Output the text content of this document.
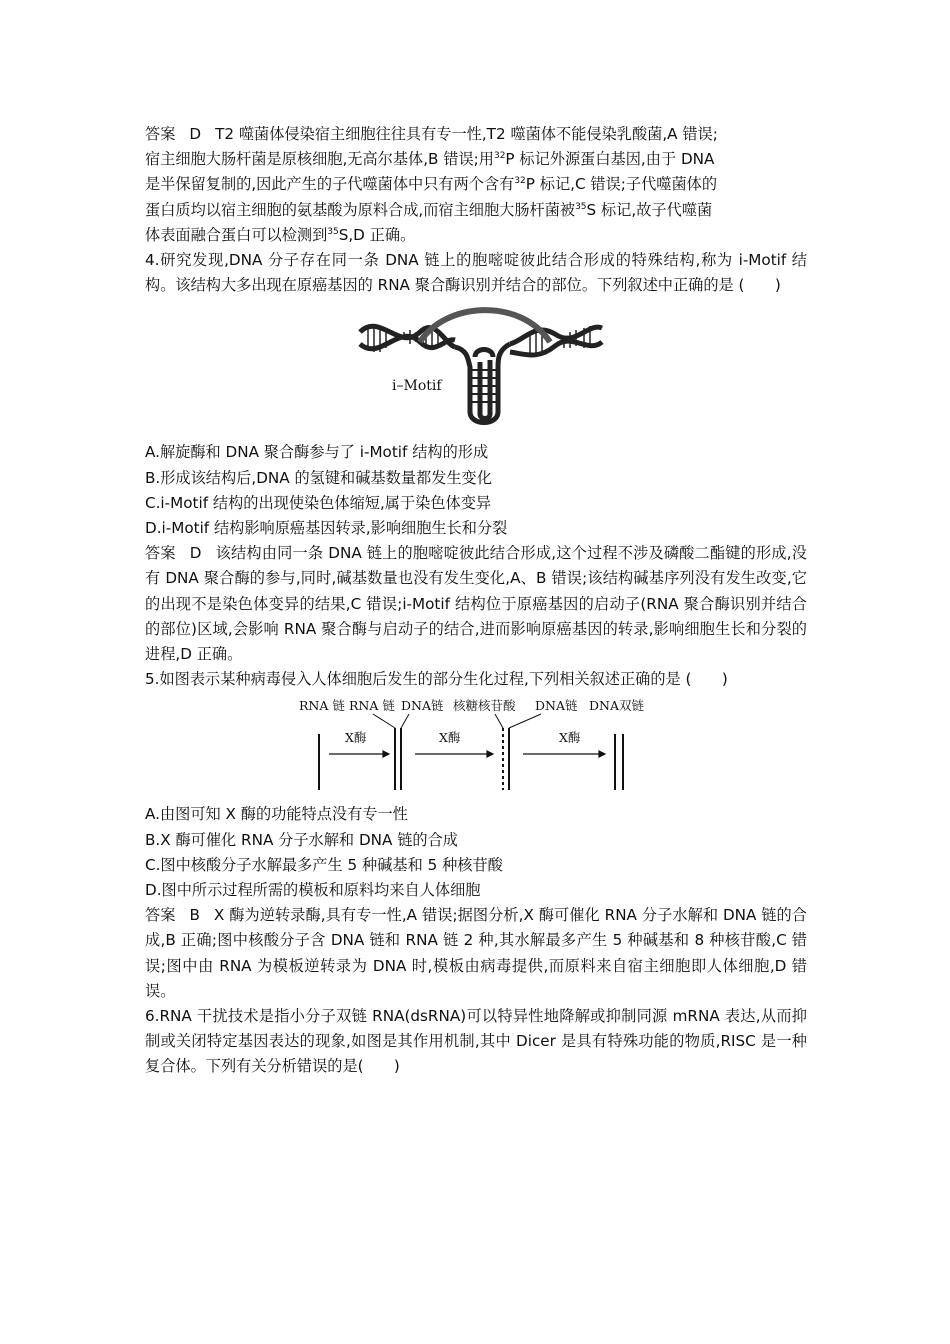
答案 D T2 噬菌体侵染宿主细胞往往具有专一性,T2 噬菌体不能侵染乳酸菌,A 错误;

宿主细胞大肠杆菌是原核细胞,无高尔基体,B 错误;用$^{32}$P 标记外源蛋白基因,由于 DNA

是半保留复制的,因此产生的子代噬菌体中只有两个含有$^{32}$P 标记,C 错误;子代噬菌体的

蛋白质均以宿主细胞的氨基酸为原料合成,而宿主细胞大肠杆菌被$^{35}$S 标记,故子代噬菌

体表面融合蛋白可以检测到$^{35}$S,D 正确。

4.研究发现,DNA 分子存在同一条 DNA 链上的胞嘧啶彼此结合形成的特殊结构,称为 i-Motif 结构。该结构大多出现在原癌基因的 RNA 聚合酶识别并结合的部位。下列叙述中正确的是 (　　)

i–Motif

A.解旋酶和 DNA 聚合酶参与了 i-Motif 结构的形成

B.形成该结构后,DNA 的氢键和碱基数量都发生变化

C.i-Motif 结构的出现使染色体缩短,属于染色体变异

D.i-Motif 结构影响原癌基因转录,影响细胞生长和分裂

答案 D 该结构由同一条 DNA 链上的胞嘧啶彼此结合形成,这个过程不涉及磷酸二酯键的形成,没有 DNA 聚合酶的参与,同时,碱基数量也没有发生变化,A、B 错误;该结构碱基序列没有发生改变,它的出现不是染色体变异的结果,C 错误;i-Motif 结构位于原癌基因的启动子(RNA 聚合酶识别并结合的部位)区域,会影响 RNA 聚合酶与启动子的结合,进而影响原癌基因的转录,影响细胞生长和分裂的进程,D 正确。

5.如图表示某种病毒侵入人体细胞后发生的部分生化过程,下列相关叙述正确的是 (　　)

RNA 链 RNA 链 DNA链 核糖核苷酸 DNA链 DNA双链
X酶	X酶	X酶

A.由图可知 X 酶的功能特点没有专一性

B.X 酶可催化 RNA 分子水解和 DNA 链的合成

C.图中核酸分子水解最多产生 5 种碱基和 5 种核苷酸

D.图中所示过程所需的模板和原料均来自人体细胞

答案 B X 酶为逆转录酶,具有专一性,A 错误;据图分析,X 酶可催化 RNA 分子水解和 DNA 链的合成,B 正确;图中核酸分子含 DNA 链和 RNA 链 2 种,其水解最多产生 5 种碱基和 8 种核苷酸,C 错误;图中由 RNA 为模板逆转录为 DNA 时,模板由病毒提供,而原料来自宿主细胞即人体细胞,D 错误。

6.RNA 干扰技术是指小分子双链 RNA(dsRNA)可以特异性地降解或抑制同源 mRNA 表达,从而抑制或关闭特定基因表达的现象,如图是其作用机制,其中 Dicer 是具有特殊功能的物质,RISC 是一种复合体。下列有关分析错误的是(　　)
